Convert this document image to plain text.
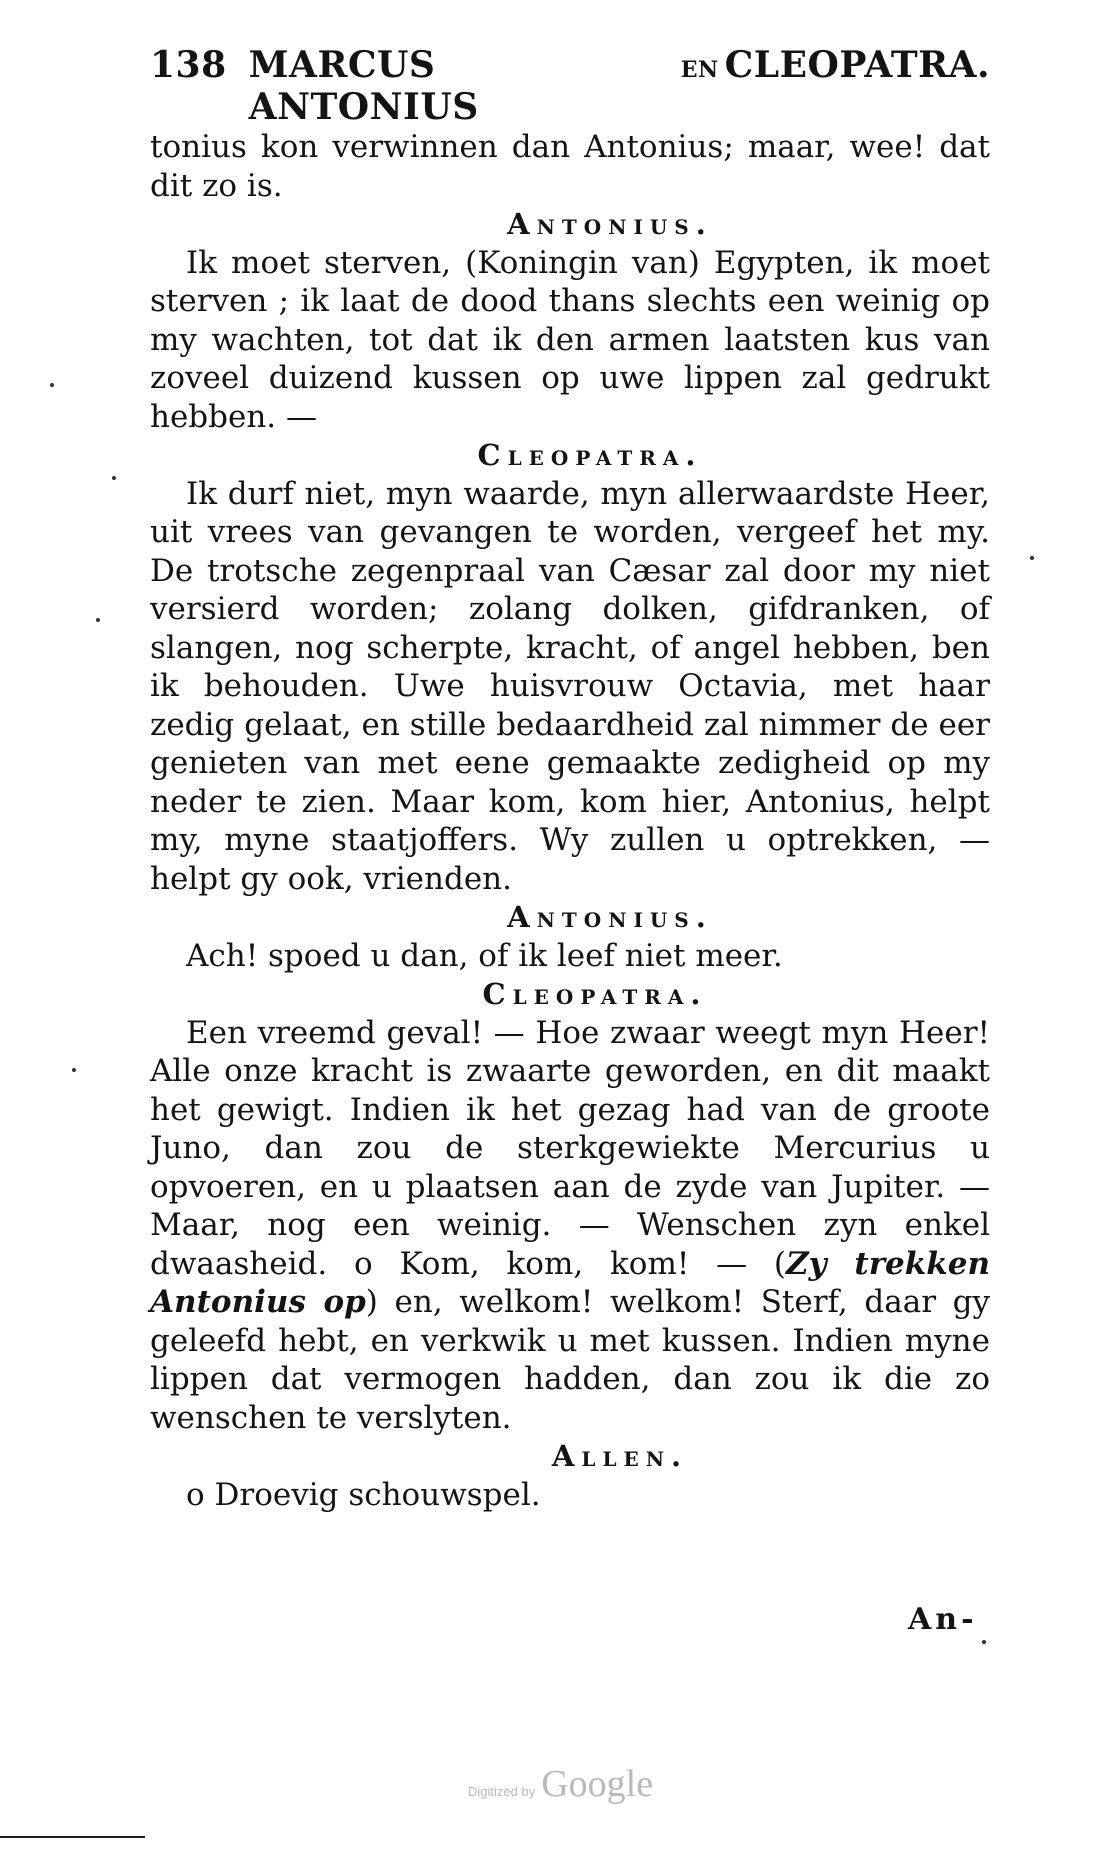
138 MARCUS ANTONIUS
EN CLEOPATRA.

tonius kon verwinnen dan Antonius; maar, wee! dat dit zo is.

Antonius.

Ik moet sterven, (Koningin van) Egypten, ik moet sterven ; ik laat de dood thans slechts een weinig op my wachten, tot dat ik den armen laatsten kus van zoveel duizend kussen op uwe lippen zal gedrukt hebben. —

Cleopatra.

Ik durf niet, myn waarde, myn allerwaardste Heer, uit vrees van gevangen te worden, vergeef het my. De trotsche zegenpraal van Cæsar zal door my niet versierd worden; zolang dolken, gifdranken, of slangen, nog scherpte, kracht, of angel hebben, ben ik behouden. Uwe huisvrouw Octavia, met haar zedig gelaat, en stille bedaardheid zal nimmer de eer genieten van met eene gemaakte zedigheid op my neder te zien. Maar kom, kom hier, Antonius, helpt my, myne staatjoffers. Wy zullen u optrekken, — helpt gy ook, vrienden.

Antonius.

Ach! spoed u dan, of ik leef niet meer.

Cleopatra.

Een vreemd geval! — Hoe zwaar weegt myn Heer! Alle onze kracht is zwaarte geworden, en dit maakt het gewigt. Indien ik het gezag had van de groote Juno, dan zou de sterkgewiekte Mercurius u opvoeren, en u plaatsen aan de zyde van Jupiter. — Maar, nog een weinig. — Wenschen zyn enkel dwaasheid. o Kom, kom, kom! — (Zy trekken Antonius op) en, welkom! welkom! Sterf, daar gy geleefd hebt, en verkwik u met kussen. Indien myne lippen dat vermogen hadden, dan zou ik die zo wenschen te verslyten.

Allen.

o Droevig schouwspel.

An-
Digitized by Google
